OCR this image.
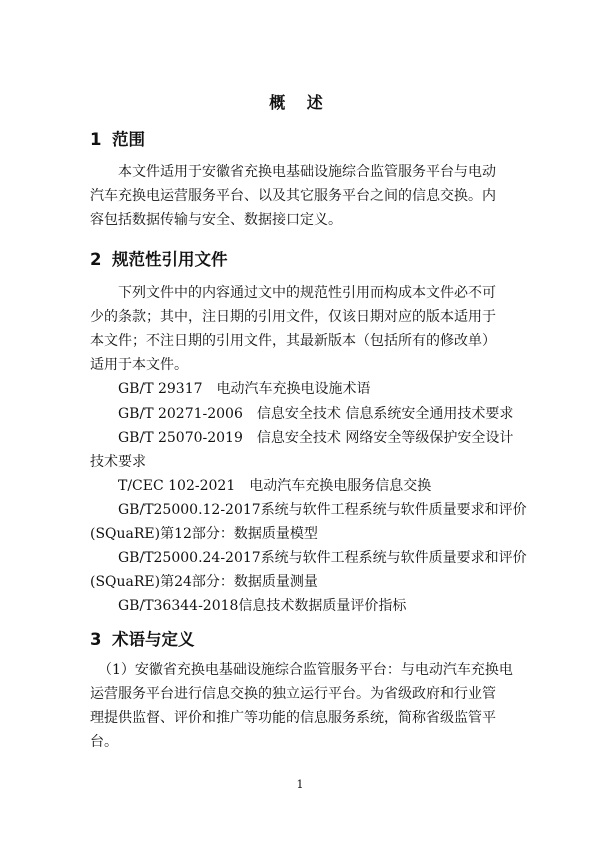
概 述
1 范围
本文件适用于安徽省充换电基础设施综合监管服务平台与电动
汽车充换电运营服务平台、以及其它服务平台之间的信息交换。内
容包括数据传输与安全、数据接口定义。
2 规范性引用文件
下列文件中的内容通过文中的规范性引用而构成本文件必不可
少的条款；其中，注日期的引用文件，仅该日期对应的版本适用于
本文件；不注日期的引用文件，其最新版本（包括所有的修改单）
适用于本文件。
GB/T 29317 电动汽车充换电设施术语
GB/T 20271-2006 信息安全技术 信息系统安全通用技术要求
GB/T 25070-2019 信息安全技术 网络安全等级保护安全设计
技术要求
T/CEC 102-2021 电动汽车充换电服务信息交换
GB/T25000.12-2017系统与软件工程系统与软件质量要求和评价
(SQuaRE)第12部分：数据质量模型
GB/T25000.24-2017系统与软件工程系统与软件质量要求和评价
(SQuaRE)第24部分：数据质量测量
GB/T36344-2018信息技术数据质量评价指标
3 术语与定义
（1）安徽省充换电基础设施综合监管服务平台：与电动汽车充换电
运营服务平台进行信息交换的独立运行平台。为省级政府和行业管
理提供监督、评价和推广等功能的信息服务系统，简称省级监管平
台。
1
